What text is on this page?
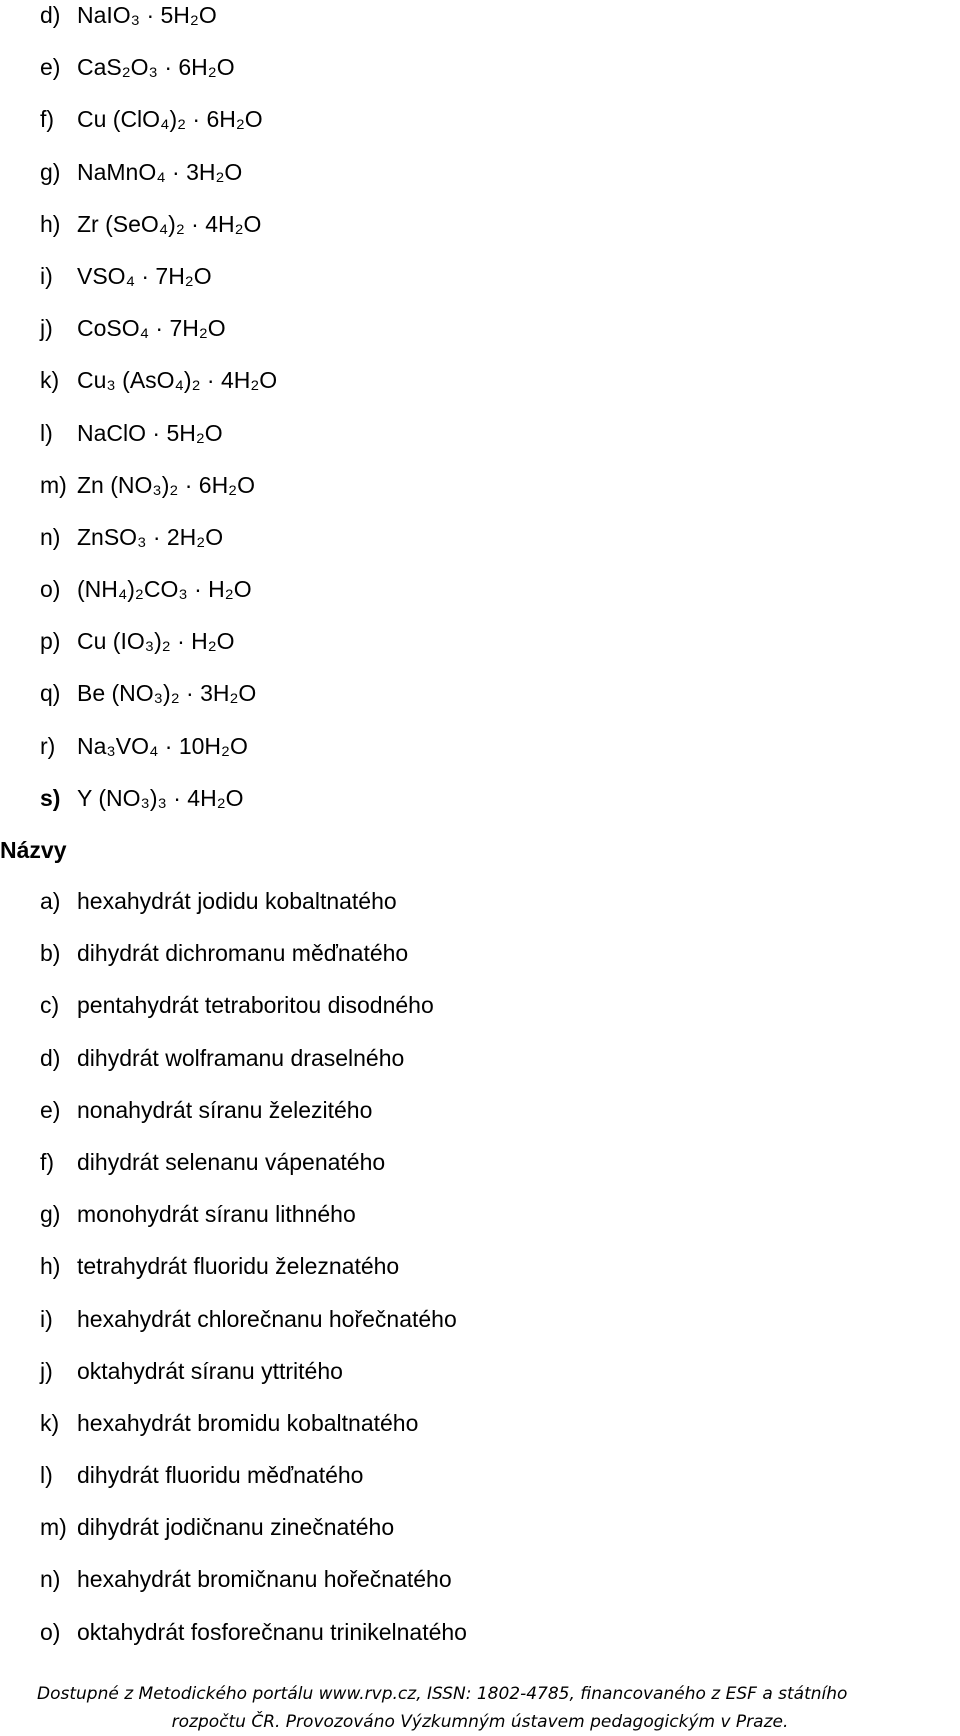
d) NaIO₃ · 5H₂O
e) CaS₂O₃ · 6H₂O
f) Cu (ClO₄)₂ · 6H₂O
g) NaMnO₄ · 3H₂O
h) Zr (SeO₄)₂ · 4H₂O
i) VSO₄ · 7H₂O
j) CoSO₄ · 7H₂O
k) Cu₃ (AsO₄)₂ · 4H₂O
l) NaClO · 5H₂O
m) Zn (NO₃)₂ · 6H₂O
n) ZnSO₃ · 2H₂O
o) (NH₄)₂CO₃ · H₂O
p) Cu (IO₃)₂ · H₂O
q) Be (NO₃)₂ · 3H₂O
r) Na₃VO₄ · 10H₂O
s) Y (NO₃)₃ · 4H₂O
Názvy
a) hexahydrát jodidu kobaltnatého
b) dihydrát dichromanu měďnatého
c) pentahydrát tetraboritou disodného
d) dihydrát wolframanu draselného
e) nonahydrát síranu železitého
f) dihydrát selenanu vápenatého
g) monohydrát síranu lithného
h) tetrahydrát fluoridu železnatého
i) hexahydrát chlorečnanu hořečnatého
j) oktahydrát síranu yttritého
k) hexahydrát bromidu kobaltnatého
l) dihydrát fluoridu měďnatého
m) dihydrát jodičnanu zinečnatého
n) hexahydrát bromičnanu hořečnatého
o) oktahydrát fosforečnanu trinikelnatého
Dostupné z Metodického portálu www.rvp.cz, ISSN: 1802-4785, financovaného z ESF a státního
rozpočtu ČR. Provozováno Výzkumným ústavem pedagogickým v Praze.
